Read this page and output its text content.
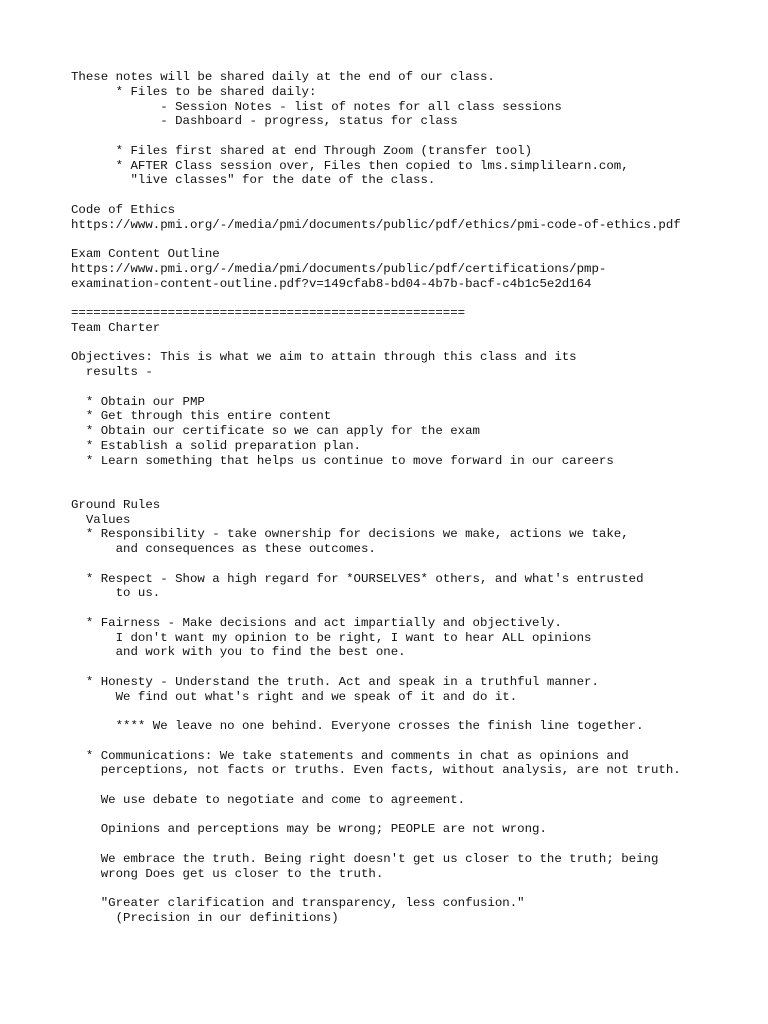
These notes will be shared daily at the end of our class.
* Files to be shared daily:
- Session Notes - list of notes for all class sessions
- Dashboard - progress, status for class
* Files first shared at end Through Zoom (transfer tool)
* AFTER Class session over, Files then copied to lms.simplilearn.com,
"live classes" for the date of the class.
Code of Ethics
https://www.pmi.org/-/media/pmi/documents/public/pdf/ethics/pmi-code-of-ethics.pdf
Exam Content Outline
https://www.pmi.org/-/media/pmi/documents/public/pdf/certifications/pmp-
examination-content-outline.pdf?v=149cfab8-bd04-4b7b-bacf-c4b1c5e2d164
=====================================================
Team Charter
Objectives: This is what we aim to attain through this class and its
results -
* Obtain our PMP
* Get through this entire content
* Obtain our certificate so we can apply for the exam
* Establish a solid preparation plan.
* Learn something that helps us continue to move forward in our careers
Ground Rules
Values
* Responsibility - take ownership for decisions we make, actions we take,
and consequences as these outcomes.
* Respect - Show a high regard for *OURSELVES* others, and what's entrusted
to us.
* Fairness - Make decisions and act impartially and objectively.
I don't want my opinion to be right, I want to hear ALL opinions
and work with you to find the best one.
* Honesty - Understand the truth. Act and speak in a truthful manner.
We find out what's right and we speak of it and do it.
**** We leave no one behind. Everyone crosses the finish line together.
* Communications: We take statements and comments in chat as opinions and
perceptions, not facts or truths. Even facts, without analysis, are not truth.
We use debate to negotiate and come to agreement.
Opinions and perceptions may be wrong; PEOPLE are not wrong.
We embrace the truth. Being right doesn't get us closer to the truth; being
wrong Does get us closer to the truth.
"Greater clarification and transparency, less confusion."
(Precision in our definitions)
